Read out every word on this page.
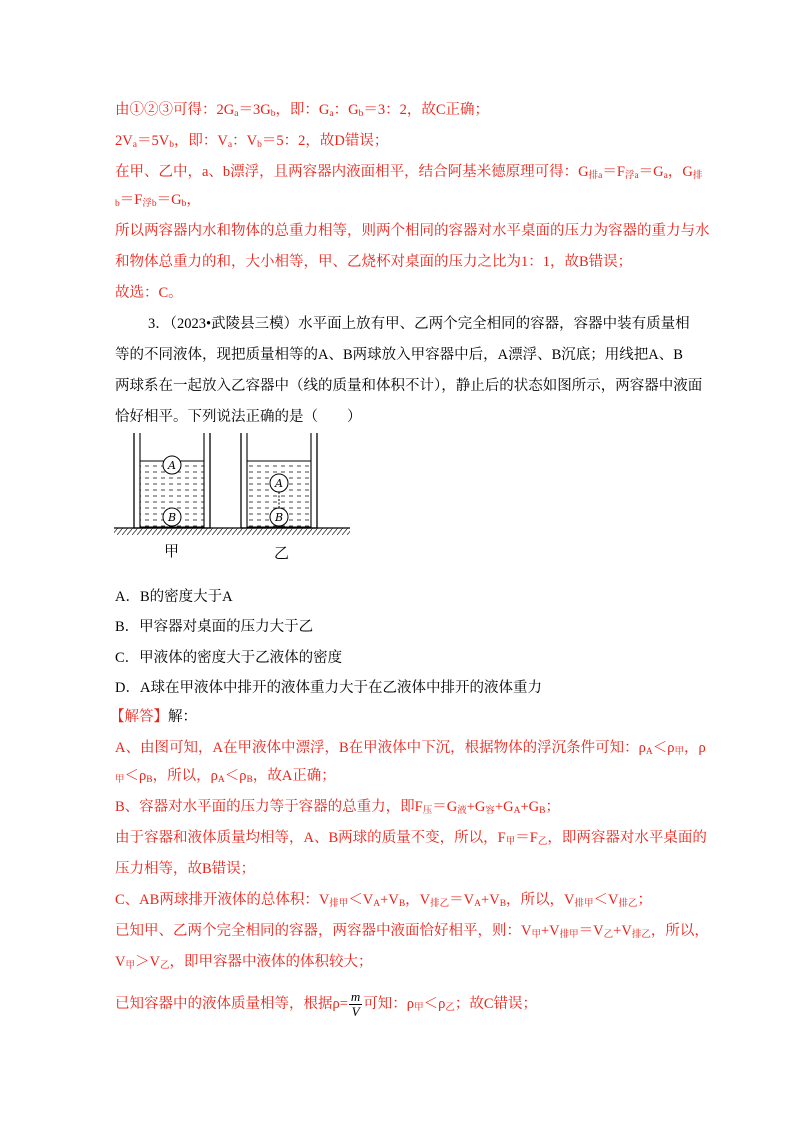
由①②③可得：$2G_a=3G_b$，即：$G_a$：$G_b=3$：2，故C正确；
$2V_a=5V_b$，即：$V_a$：$V_b=5$：2，故D错误；
在甲、乙中，a、b漂浮，且两容器内液面相平，结合阿基米德原理可得：$G_{排a}=F_{浮a}=G_a$，$G_排$
$_b=F_{浮b}=G_b$，
所以两容器内水和物体的总重力相等，则两个相同的容器对水平桌面的压力为容器的重力与水
和物体总重力的和，大小相等，甲、乙烧杯对桌面的压力之比为1：1，故B错误；
故选：C。
3．（2023•武陵县三模）水平面上放有甲、乙两个完全相同的容器，容器中装有质量相
等的不同液体，现把质量相等的A、B两球放入甲容器中后，A漂浮、B沉底；用线把A、B
两球系在一起放入乙容器中（线的质量和体积不计），静止后的状态如图所示，两容器中液面
恰好相平。下列说法正确的是（　　）
A
B
A
B
甲	乙
A．B的密度大于A
B．甲容器对桌面的压力大于乙
C．甲液体的密度大于乙液体的密度
D．A球在甲液体中排开的液体重力大于在乙液体中排开的液体重力
【解答】解：
A、由图可知，A在甲液体中漂浮，B在甲液体中下沉，根据物体的浮沉条件可知：$\rho_A<\rho_甲$，ρ
$_甲<\rho_B$，所以，$\rho_A<\rho_B$，故A正确；
B、容器对水平面的压力等于容器的总重力，即$F_压=G_液+G_容+G_A+G_B$；
由于容器和液体质量均相等，A、B两球的质量不变，所以，$F_甲=F_乙$，即两容器对水平桌面的
压力相等，故B错误；
C、AB两球排开液体的总体积：$V_{排甲}<V_A+V_B$，$V_{排乙}=V_A+V_B$，所以，$V_{排甲}<V_{排乙}$；
已知甲、乙两个完全相同的容器，两容器中液面恰好相平，则：$V_甲+V_{排甲}=V_乙+V_{排乙}$，所以，
$V_甲>V_乙$，即甲容器中液体的体积较大；
已知容器中的液体质量相等，根据$\rho= \frac{m}{V}$ 可知：$\rho_甲<\rho_乙$；故C错误；
